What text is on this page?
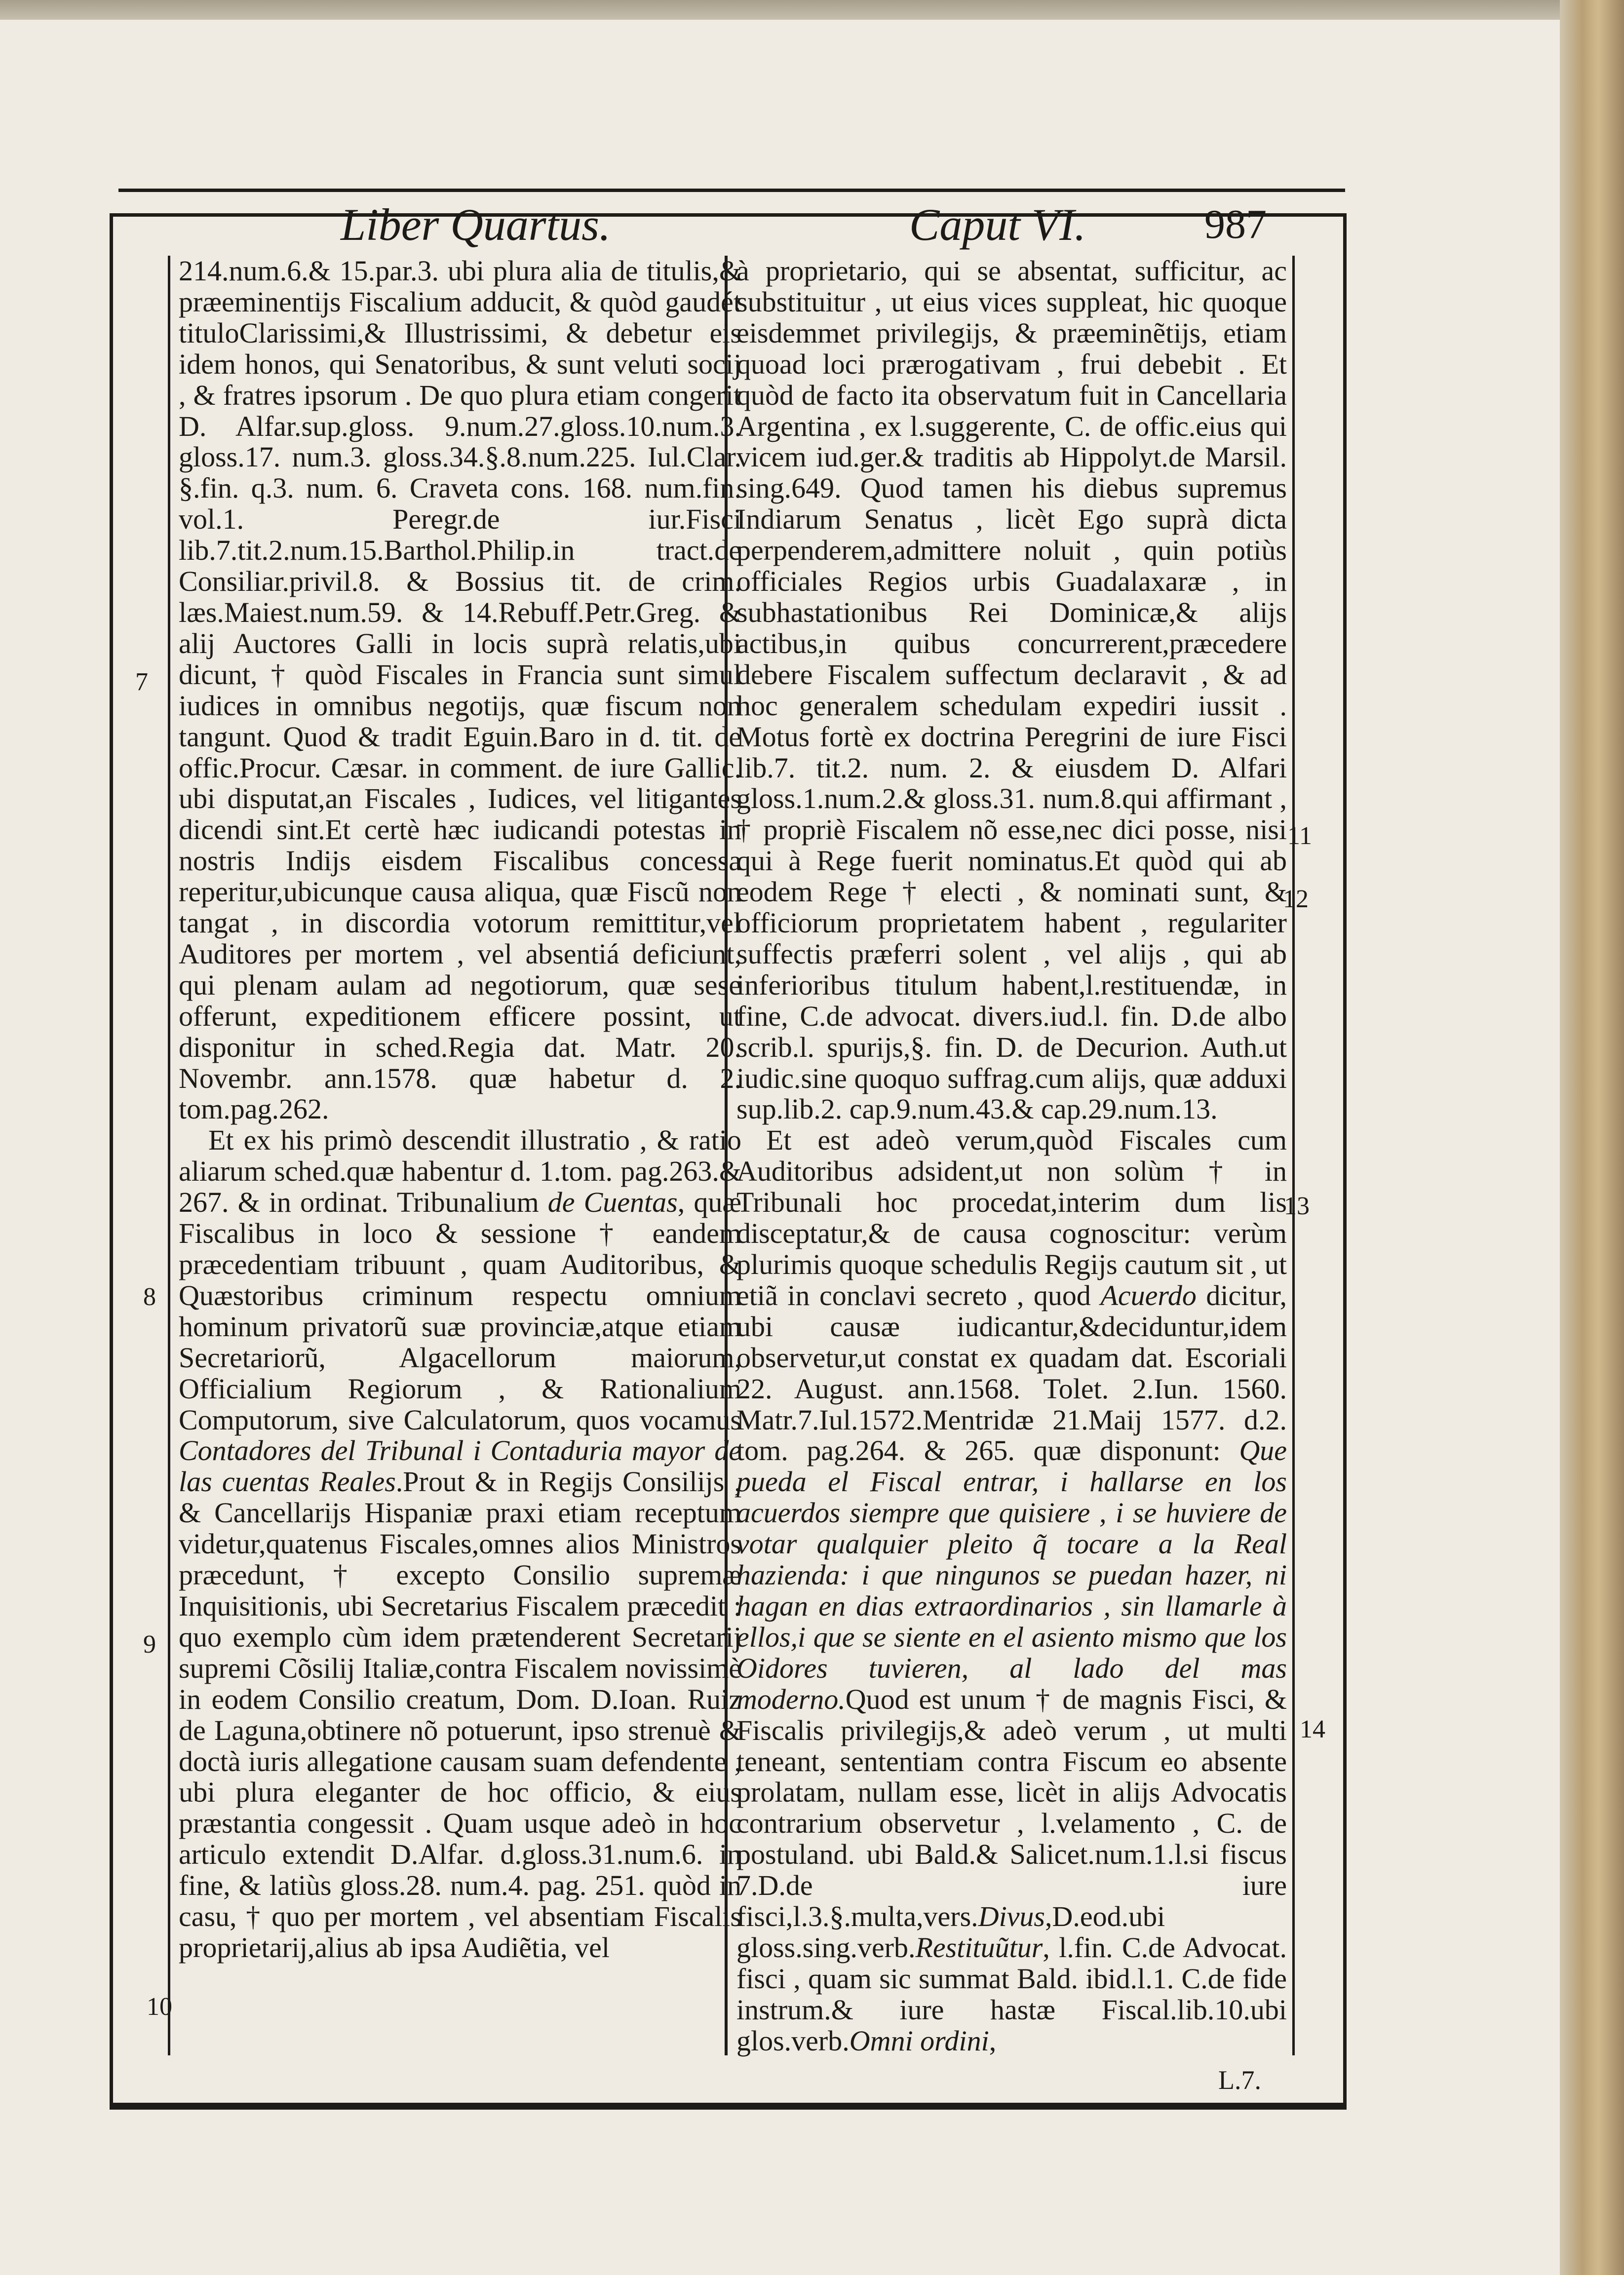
Liber Quartus.	Caput VI.	987

214.num.6.& 15.par.3. ubi plura alia de titulis,& præeminentijs Fiscalium adducit, & quòd gaudét tituloClarissimi,& Illustrissimi, & debetur eis idem honos, qui Senatoribus, & sunt veluti socij , & fratres ipsorum . De quo plura etiam congerit D. Alfar.sup.gloss. 9.num.27.gloss.10.num.3. gloss.17. num.3. gloss.34.§.8.num.225. Iul.Clar. §.fin. q.3. num. 6. Craveta cons. 168. num.fin. vol.1. Peregr.de iur.Fisci lib.7.tit.2.num.15.Barthol.Philip.in tract.de Consiliar.privil.8. & Bossius tit. de crim. læs.Maiest.num.59. & 14.Rebuff.Petr.Greg. & alij Auctores Galli in locis suprà relatis,ubi dicunt, † quòd Fiscales in Francia sunt simul iudices in omnibus negotijs, quæ fiscum non tangunt. Quod & tradit Eguin.Baro in d. tit. de offic.Procur. Cæsar. in comment. de iure Gallic. ubi disputat,an Fiscales , Iudices, vel litigantes dicendi sint.Et certè hæc iudicandi potestas in nostris Indijs eisdem Fiscalibus concessa reperitur,ubicunque causa aliqua, quæ Fiscũ non tangat , in discordia votorum remittitur,vel Auditores per mortem , vel absentiá deficiunt, qui plenam aulam ad negotiorum, quæ sese offerunt, expeditionem efficere possint, ut disponitur in sched.Regia dat. Matr. 20. Novembr. ann.1578. quæ habetur d. 2. tom.pag.262.

Et ex his primò descendit illustratio , & ratio aliarum sched.quæ habentur d. 1.tom. pag.263.& 267. & in ordinat. Tribunalium de Cuentas, quæ Fiscalibus in loco & sessione † eandem præcedentiam tribuunt , quam Auditoribus, & Quæstoribus criminum respectu omnium hominum privatorũ suæ provinciæ,atque etiam Secretariorũ, Algacellorum maiorum, Officialium Regiorum , & Rationalium Computorum, sive Calculatorum, quos vocamus Contadores del Tribunal i Contaduria mayor de las cuentas Reales.Prout & in Regijs Consilijs , & Cancellarijs Hispaniæ praxi etiam receptum videtur,quatenus Fiscales,omnes alios Ministros præcedunt, † excepto Consilio supremæ Inquisitionis, ubi Secretarius Fiscalem præcedit : quo exemplo cùm idem prætenderent Secretarij supremi Cõsilij Italiæ,contra Fiscalem novissimè in eodem Consilio creatum, Dom. D.Ioan. Ruiz de Laguna,obtinere nõ potuerunt, ipso strenuè & doctà iuris allegatione causam suam defendente , ubi plura eleganter de hoc officio, & eius præstantia congessit . Quam usque adeò in hoc articulo extendit D.Alfar. d.gloss.31.num.6. in fine, & latiùs gloss.28. num.4. pag. 251. quòd in casu, † quo per mortem , vel absentiam Fiscalis proprietarij,alius ab ipsa Audiẽtia, vel

à proprietario, qui se absentat, sufficitur, ac substituitur , ut eius vices suppleat, hic quoque eisdemmet privilegijs, & præeminẽtijs, etiam quoad loci prærogativam , frui debebit . Et quòd de facto ita observatum fuit in Cancellaria Argentina , ex l.suggerente, C. de offic.eius qui vicem iud.ger.& traditis ab Hippolyt.de Marsil. sing.649. Quod tamen his diebus supremus Indiarum Senatus , licèt Ego suprà dicta perpenderem,admittere noluit , quin potiùs officiales Regios urbis Guadalaxaræ , in subhastationibus Rei Dominicæ,& alijs actibus,in quibus concurrerent,præcedere debere Fiscalem suffectum declaravit , & ad hoc generalem schedulam expediri iussit . Motus fortè ex doctrina Peregrini de iure Fisci lib.7. tit.2. num. 2. & eiusdem D. Alfari gloss.1.num.2.& gloss.31. num.8.qui affirmant , † propriè Fiscalem nõ esse,nec dici posse, nisi qui à Rege fuerit nominatus.Et quòd qui ab eodem Rege † electi , & nominati sunt, & officiorum proprietatem habent , regulariter suffectis præferri solent , vel alijs , qui ab inferioribus titulum habent,l.restituendæ, in fine, C.de advocat. divers.iud.l. fin. D.de albo scrib.l. spurijs,§. fin. D. de Decurion. Auth.ut iudic.sine quoquo suffrag.cum alijs, quæ adduxi sup.lib.2. cap.9.num.43.& cap.29.num.13.

Et est adeò verum,quòd Fiscales cum Auditoribus adsident,ut non solùm † in Tribunali hoc procedat,interim dum lis disceptatur,& de causa cognoscitur: verùm plurimis quoque schedulis Regijs cautum sit , ut etiã in conclavi secreto , quod Acuerdo dicitur, ubi causæ iudicantur,&deciduntur,idem observetur,ut constat ex quadam dat. Escoriali 22. August. ann.1568. Tolet. 2.Iun. 1560. Matr.7.Iul.1572.Mentridæ 21.Maij 1577. d.2. tom. pag.264. & 265. quæ disponunt: Que pueda el Fiscal entrar, i hallarse en los acuerdos siempre que quisiere , i se huviere de votar qualquier pleito q̃ tocare a la Real hazienda: i que ningunos se puedan hazer, ni hagan en dias extraordinarios , sin llamarle à ellos,i que se siente en el asiento mismo que los Oidores tuvieren, al lado del mas moderno.Quod est unum † de magnis Fisci, & Fiscalis privilegijs,& adeò verum , ut multi teneant, sententiam contra Fiscum eo absente prolatam, nullam esse, licèt in alijs Advocatis contrarium observetur , l.velamento , C. de postuland. ubi Bald.& Salicet.num.1.l.si fiscus 7.D.de iure fisci,l.3.§.multa,vers.Divus,D.eod.ubi gloss.sing.verb.Restituũtur, l.fin. C.de Advocat. fisci , quam sic summat Bald. ibid.l.1. C.de fide instrum.& iure hastæ Fiscal.lib.10.ubi glos.verb.Omni ordini,

7
8
9
10
11
12
13
14
L.7.
